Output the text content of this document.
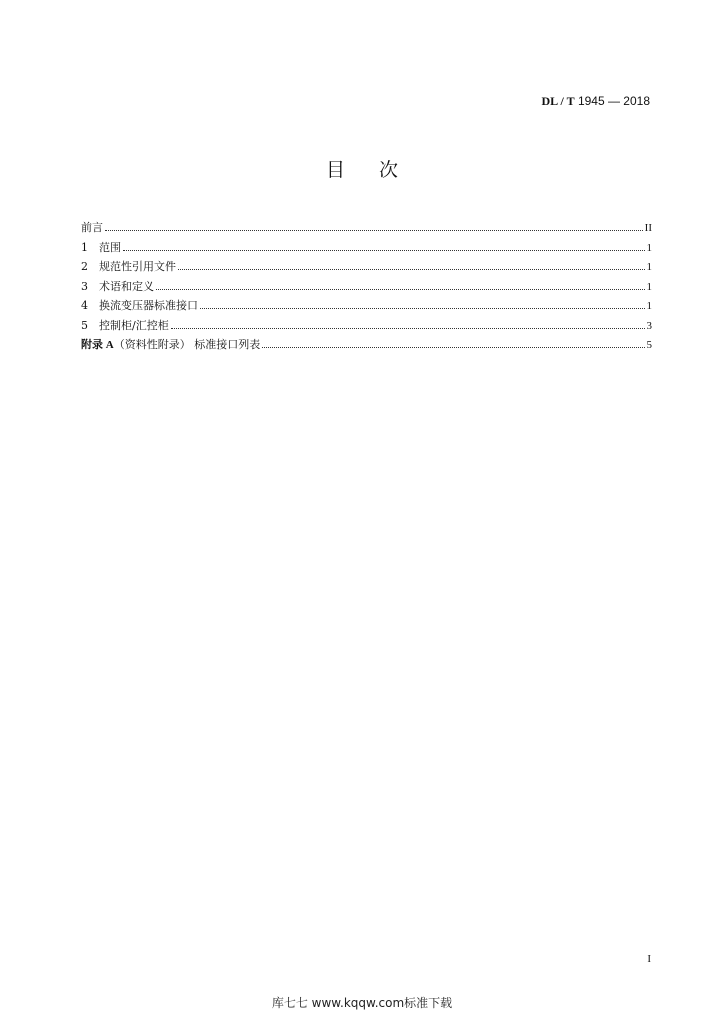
DL / T 1945 — 2018
目次
前言	II
1	范围	1
2	规范性引用文件	1
3	术语和定义	1
4	换流变压器标准接口	1
5	控制柜/汇控柜	3
附录 A（资料性附录） 标准接口列表	5
I
库七七 www.kqqw.com标准下载
